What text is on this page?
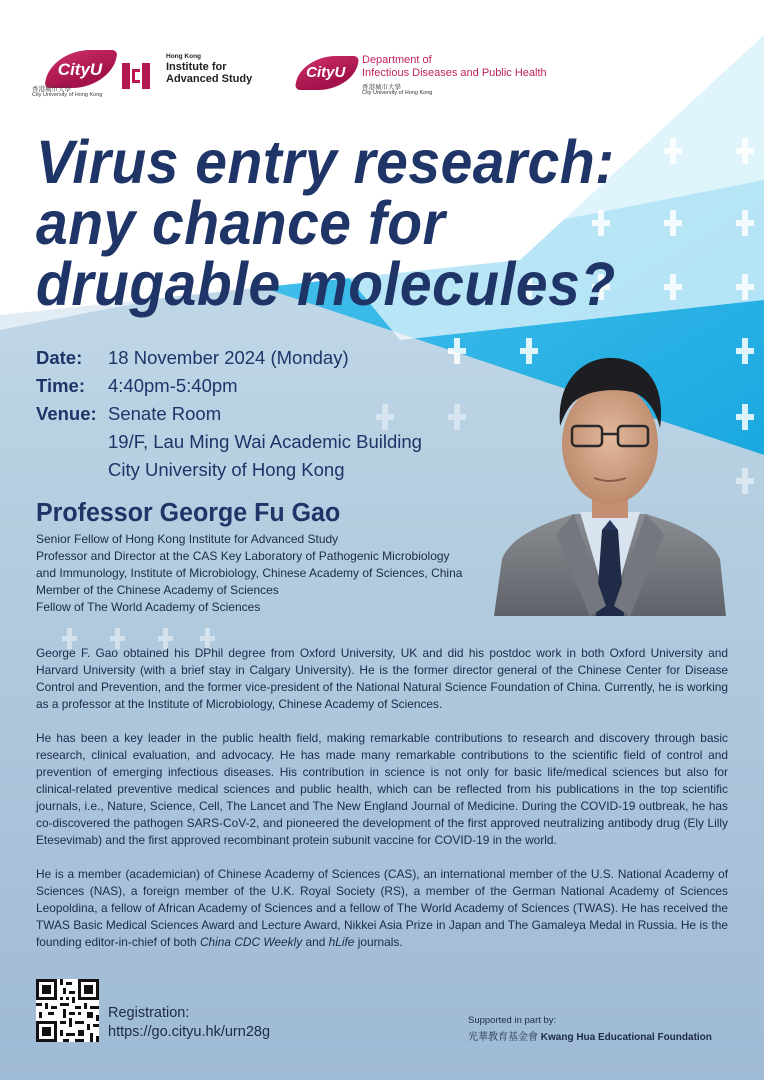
CityU
香港城市大學
City University of Hong Kong
Hong Kong
Institute for
Advanced Study	CityU
Department of
Infectious Diseases and Public Health
香港城市大學
City University of Hong Kong
Virus entry research:
any chance for
drugable molecules?
Date:	18 November 2024 (Monday)
Time:	4:40pm-5:40pm
Venue: Senate Room
19/F, Lau Ming Wai Academic Building
City University of Hong Kong
Professor George Fu Gao
Senior Fellow of Hong Kong Institute for Advanced Study
Professor and Director at the CAS Key Laboratory of Pathogenic Microbiology
and Immunology, Institute of Microbiology, Chinese Academy of Sciences, China
Member of the Chinese Academy of Sciences
Fellow of The World Academy of Sciences

George F. Gao obtained his DPhil degree from Oxford University, UK and did his postdoc work in both Oxford University and Harvard University (with a brief stay in Calgary University). He is the former director general of the Chinese Center for Disease Control and Prevention, and the former vice-president of the National Natural Science Foundation of China. Currently, he is working as a professor at the Institute of Microbiology, Chinese Academy of Sciences.

He has been a key leader in the public health field, making remarkable contributions to research and discovery through basic research, clinical evaluation, and advocacy. He has made many remarkable contributions to the scientific field of control and prevention of emerging infectious diseases. His contribution in science is not only for basic life/medical sciences but also for clinical-related preventive medical sciences and public health, which can be reflected from his publications in the top scientific journals, i.e., Nature, Science, Cell, The Lancet and The New England Journal of Medicine. During the COVID-19 outbreak, he has co-discovered the pathogen SARS-CoV-2, and pioneered the development of the first approved neutralizing antibody drug (Ely Lilly Etesevimab) and the first approved recombinant protein subunit vaccine for COVID-19 in the world.

He is a member (academician) of Chinese Academy of Sciences (CAS), an international member of the U.S. National Academy of Sciences (NAS), a foreign member of the U.K. Royal Society (RS), a member of the German National Academy of Sciences Leopoldina, a fellow of African Academy of Sciences and a fellow of The World Academy of Sciences (TWAS). He has received the TWAS Basic Medical Sciences Award and Lecture Award, Nikkei Asia Prize in Japan and The Gamaleya Medal in Russia. He is the founding editor-in-chief of both China CDC Weekly and hLife journals.

Registration:
https://go.cityu.hk/urn28g
Supported in part by:
光華教育基金會 Kwang Hua Educational Foundation
